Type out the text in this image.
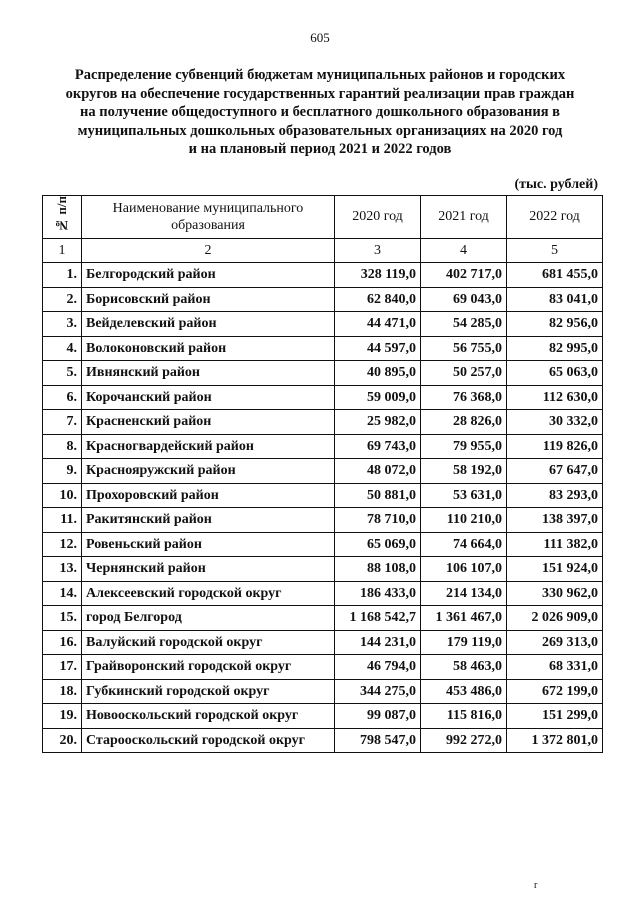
605
Распределение субвенций бюджетам муниципальных районов и городских
округов на обеспечение государственных гарантий реализации прав граждан
на получение общедоступного и бесплатного дошкольного образования в
муниципальных дошкольных образовательных организациях на 2020 год
и на плановый период 2021 и 2022 годов
(тыс. рублей)
№ п/п	Наименование муниципального образования	2020 год	2021 год	2022 год
1	2	3	4	5
1.	Белгородский район	328 119,0	402 717,0	681 455,0
2.	Борисовский район	62 840,0	69 043,0	83 041,0
3.	Вейделевский район	44 471,0	54 285,0	82 956,0
4.	Волоконовский район	44 597,0	56 755,0	82 995,0
5.	Ивнянский район	40 895,0	50 257,0	65 063,0
6.	Корочанский район	59 009,0	76 368,0	112 630,0
7.	Красненский район	25 982,0	28 826,0	30 332,0
8.	Красногвардейский район	69 743,0	79 955,0	119 826,0
9.	Краснояружский район	48 072,0	58 192,0	67 647,0
10.	Прохоровский район	50 881,0	53 631,0	83 293,0
11.	Ракитянский район	78 710,0	110 210,0	138 397,0
12.	Ровеньский район	65 069,0	74 664,0	111 382,0
13.	Чернянский район	88 108,0	106 107,0	151 924,0
14.	Алексеевский городской округ	186 433,0	214 134,0	330 962,0
15.	город Белгород	1 168 542,7	1 361 467,0	2 026 909,0
16.	Валуйский городской округ	144 231,0	179 119,0	269 313,0
17.	Грайворонский городской округ	46 794,0	58 463,0	68 331,0
18.	Губкинский городской округ	344 275,0	453 486,0	672 199,0
19.	Новооскольский городской округ	99 087,0	115 816,0	151 299,0
20.	Старооскольский городской округ	798 547,0	992 272,0	1 372 801,0
r
